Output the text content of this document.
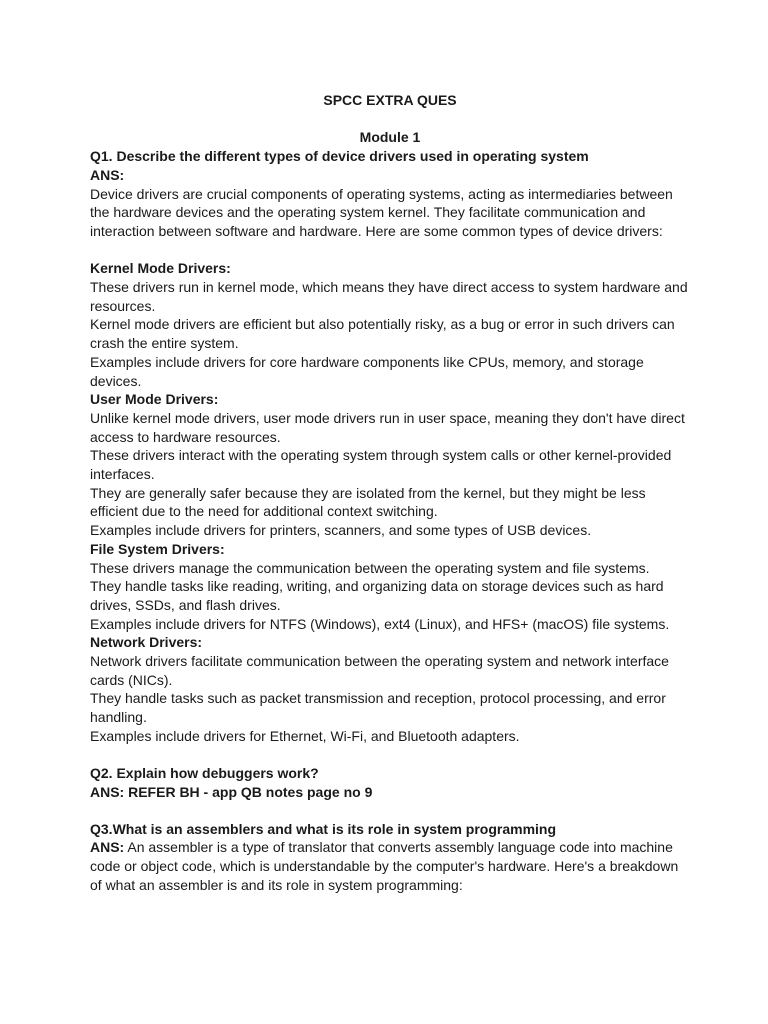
SPCC EXTRA QUES

Module 1

Q1. Describe the different types of device drivers used in operating system

ANS:

Device drivers are crucial components of operating systems, acting as intermediaries between the hardware devices and the operating system kernel. They facilitate communication and interaction between software and hardware. Here are some common types of device drivers:

Kernel Mode Drivers:

These drivers run in kernel mode, which means they have direct access to system hardware and resources.

Kernel mode drivers are efficient but also potentially risky, as a bug or error in such drivers can crash the entire system.

Examples include drivers for core hardware components like CPUs, memory, and storage devices.

User Mode Drivers:

Unlike kernel mode drivers, user mode drivers run in user space, meaning they don't have direct access to hardware resources.

These drivers interact with the operating system through system calls or other kernel-provided interfaces.

They are generally safer because they are isolated from the kernel, but they might be less efficient due to the need for additional context switching.

Examples include drivers for printers, scanners, and some types of USB devices.

File System Drivers:

These drivers manage the communication between the operating system and file systems.

They handle tasks like reading, writing, and organizing data on storage devices such as hard drives, SSDs, and flash drives.

Examples include drivers for NTFS (Windows), ext4 (Linux), and HFS+ (macOS) file systems.

Network Drivers:

Network drivers facilitate communication between the operating system and network interface cards (NICs).

They handle tasks such as packet transmission and reception, protocol processing, and error handling.

Examples include drivers for Ethernet, Wi-Fi, and Bluetooth adapters.

Q2. Explain how debuggers work?

ANS: REFER BH - app QB notes page no 9

Q3.What is an assemblers and what is its role in system programming

ANS: An assembler is a type of translator that converts assembly language code into machine code or object code, which is understandable by the computer's hardware. Here's a breakdown of what an assembler is and its role in system programming:
